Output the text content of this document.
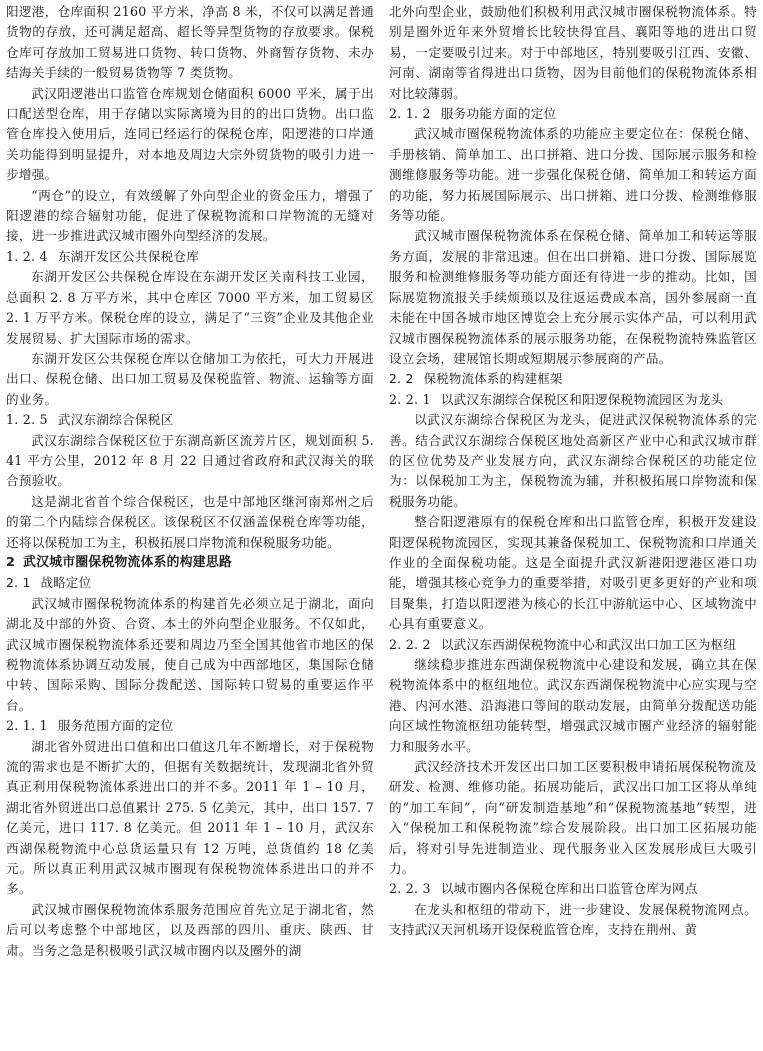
阳逻港，仓库面积 2160 平方米，净高 8 米，不仅可以满足普通货物的存放，还可满足超高、超长等异型货物的存放要求。保税仓库可存放加工贸易进口货物、转口货物、外商暂存货物、未办结海关手续的一般贸易货物等 7 类货物。

武汉阳逻港出口监管仓库规划仓储面积 6000 平米，属于出口配送型仓库，用于存储以实际离境为目的的出口货物。出口监管仓库投入使用后，连同已经运行的保税仓库，阳逻港的口岸通关功能得到明显提升，对本地及周边大宗外贸货物的吸引力进一步增强。

“两仓”的设立，有效缓解了外向型企业的资金压力，增强了阳逻港的综合辐射功能，促进了保税物流和口岸物流的无缝对接，进一步推进武汉城市圈外向型经济的发展。

1. 2. 4 东湖开发区公共保税仓库

东湖开发区公共保税仓库设在东湖开发区关南科技工业园，总面积 2. 8 万平方米，其中仓库区 7000 平方米，加工贸易区 2. 1 万平方米。保税仓库的设立，满足了“三资”企业及其他企业发展贸易、扩大国际市场的需求。

东湖开发区公共保税仓库以仓储加工为依托，可大力开展进出口、保税仓储、出口加工贸易及保税监管、物流、运输等方面的业务。

1. 2. 5 武汉东湖综合保税区

武汉东湖综合保税区位于东湖高新区流芳片区，规划面积 5. 41 平方公里，2012 年 8 月 22 日通过省政府和武汉海关的联合预验收。

这是湖北省首个综合保税区，也是中部地区继河南郑州之后的第二个内陆综合保税区。该保税区不仅涵盖保税仓库等功能，还将以保税加工为主，积极拓展口岸物流和保税服务功能。

2 武汉城市圈保税物流体系的构建思路
2. 1 战略定位

武汉城市圈保税物流体系的构建首先必须立足于湖北，面向湖北及中部的外资、合资、本土的外向型企业服务。不仅如此，武汉城市圈保税物流体系还要和周边乃至全国其他省市地区的保税物流体系协调互动发展，使自己成为中西部地区，集国际仓储中转、国际采购、国际分拨配送、国际转口贸易的重要运作平台。

2. 1. 1 服务范围方面的定位

湖北省外贸进出口值和出口值这几年不断增长，对于保税物流的需求也是不断扩大的，但据有关数据统计，发现湖北省外贸真正利用保税物流体系进出口的并不多。2011 年 1 – 10 月，湖北省外贸进出口总值累计 275. 5 亿美元，其中，出口 157. 7 亿美元，进口 117. 8 亿美元。但 2011 年 1 – 10 月，武汉东西湖保税物流中心总货运量只有 12 万吨，总货值约 18 亿美元。所以真正利用武汉城市圈现有保税物流体系进出口的并不多。

武汉城市圈保税物流体系服务范围应首先立足于湖北省，然后可以考虑整个中部地区，以及西部的四川、重庆、陕西、甘肃。当务之急是积极吸引武汉城市圈内以及圈外的湖

北外向型企业，鼓励他们积极利用武汉城市圈保税物流体系。特别是圈外近年来外贸增长比较快得宜昌、襄阳等地的进出口贸易，一定要吸引过来。对于中部地区，特别要吸引江西、安徽、河南、湖南等省得进出口货物，因为目前他们的保税物流体系相对比较薄弱。

2. 1. 2 服务功能方面的定位

武汉城市圈保税物流体系的功能应主要定位在：保税仓储、手册核销、简单加工、出口拼箱、进口分拨、国际展示服务和检测维修服务等功能。进一步强化保税仓储、简单加工和转运方面的功能，努力拓展国际展示、出口拼箱、进口分拨、检测维修服务等功能。

武汉城市圈保税物流体系在保税仓储、简单加工和转运等服务方面，发展的非常迅速。但在出口拼箱、进口分拨、国际展览服务和检测维修服务等功能方面还有待进一步的推动。比如，国际展览物流报关手续烦琐以及往返运费成本高，国外参展商一直未能在中国各城市地区博览会上充分展示实体产品，可以利用武汉城市圈保税物流体系的展示服务功能，在保税物流特殊监管区设立会场，建展馆长期或短期展示参展商的产品。

2. 2 保税物流体系的构建框架
2. 2. 1 以武汉东湖综合保税区和阳逻保税物流园区为龙头

以武汉东湖综合保税区为龙头，促进武汉保税物流体系的完善。结合武汉东湖综合保税区地处高新区产业中心和武汉城市群的区位优势及产业发展方向，武汉东湖综合保税区的功能定位为：以保税加工为主，保税物流为辅，并积极拓展口岸物流和保税服务功能。

整合阳逻港原有的保税仓库和出口监管仓库，积极开发建设阳逻保税物流园区，实现其兼备保税加工、保税物流和口岸通关作业的全面保税功能。这是全面提升武汉新港阳逻港区港口功能，增强其核心竞争力的重要举措，对吸引更多更好的产业和项目聚集，打造以阳逻港为核心的长江中游航运中心、区域物流中心具有重要意义。

2. 2. 2 以武汉东西湖保税物流中心和武汉出口加工区为枢纽

继续稳步推进东西湖保税物流中心建设和发展，确立其在保税物流体系中的枢纽地位。武汉东西湖保税物流中心应实现与空港、内河水港、沿海港口等间的联动发展，由简单分拨配送功能向区域性物流枢纽功能转型，增强武汉城市圈产业经济的辐射能力和服务水平。

武汉经济技术开发区出口加工区要积极申请拓展保税物流及研发、检测、维修功能。拓展功能后，武汉出口加工区将从单纯的“加工车间”，向“研发制造基地”和“保税物流基地”转型，进入“保税加工和保税物流”综合发展阶段。出口加工区拓展功能后，将对引导先进制造业、现代服务业入区发展形成巨大吸引力。

2. 2. 3 以城市圈内各保税仓库和出口监管仓库为网点

在龙头和枢纽的带动下，进一步建设、发展保税物流网点。支持武汉天河机场开设保税监管仓库，支持在荆州、黄
